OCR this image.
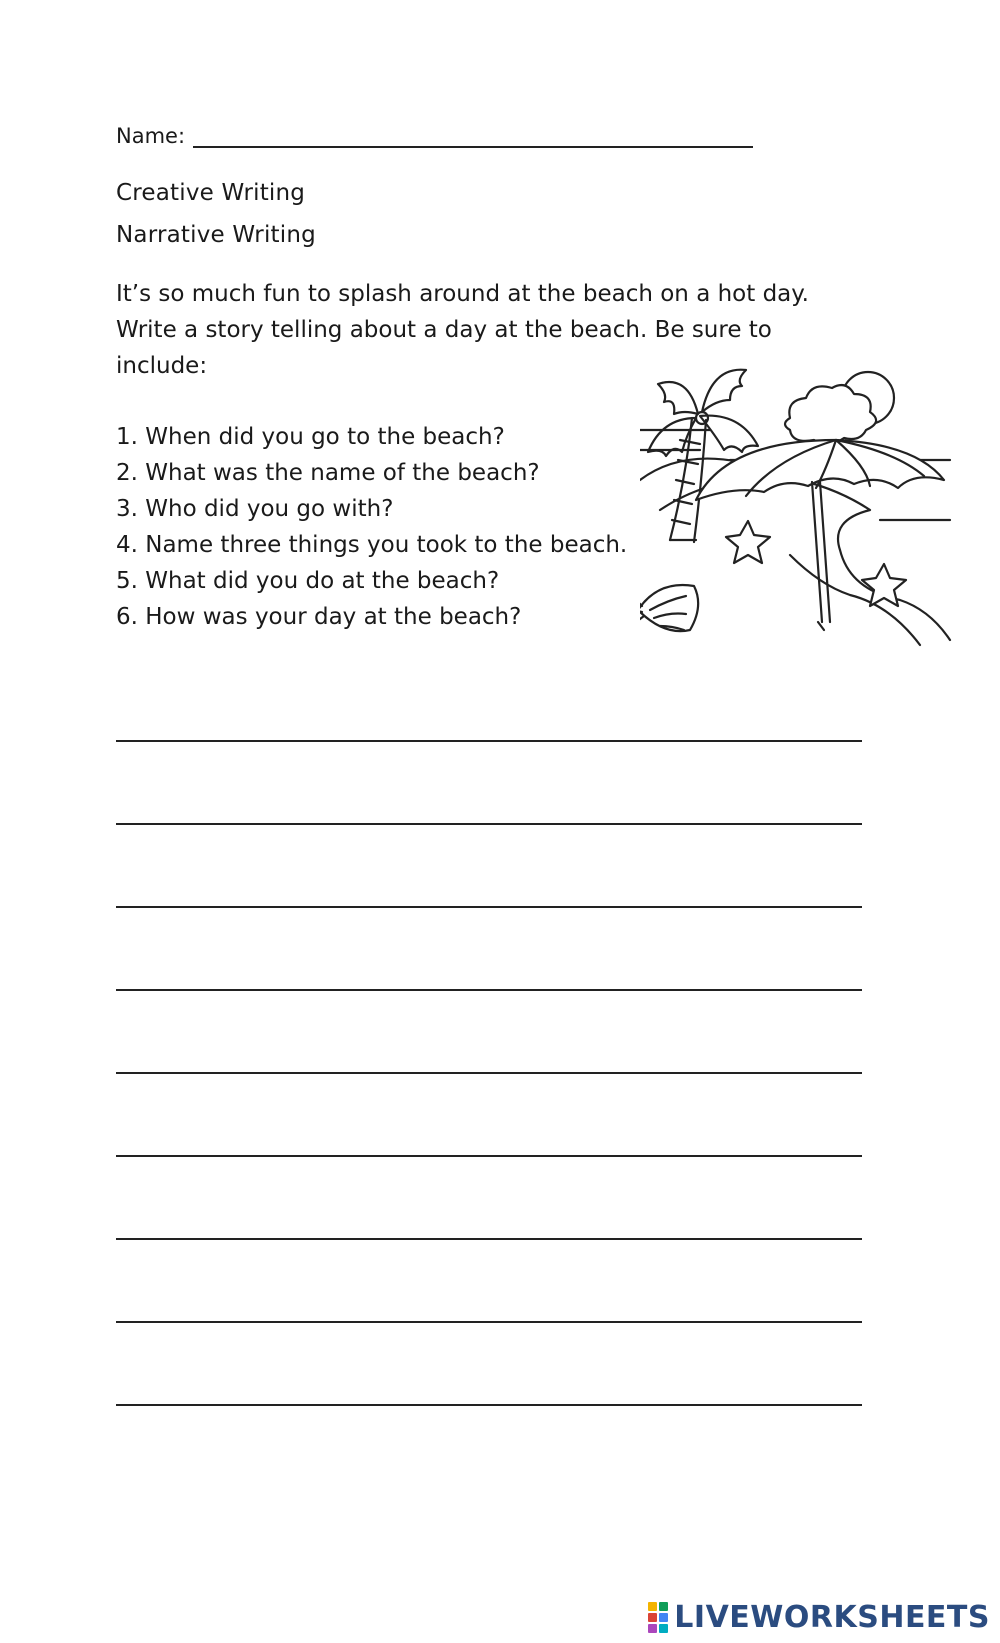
Name:
Creative Writing
Narrative Writing
It’s so much fun to splash around at the beach on a hot day. Write a story telling about a day at the beach. Be sure to include:
1. When did you go to the beach?
2. What was the name of the beach?
3. Who did you go with?
4. Name three things you took to the beach.
5. What did you do at the beach?
6. How was your day at the beach?
LIVEWORKSHEETS
